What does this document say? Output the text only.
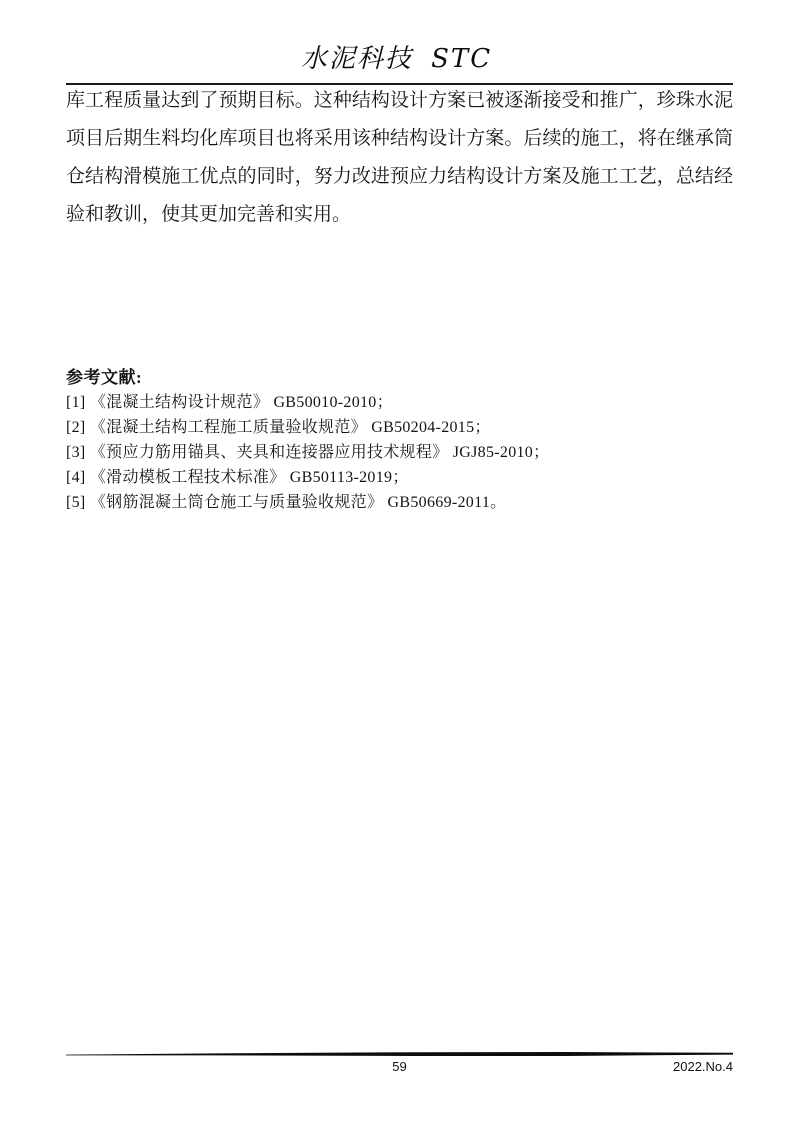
水泥科技 STC
库工程质量达到了预期目标。这种结构设计方案已被逐渐接受和推广，珍珠水泥
项目后期生料均化库项目也将采用该种结构设计方案。后续的施工，将在继承筒
仓结构滑模施工优点的同时，努力改进预应力结构设计方案及施工工艺，总结经
验和教训，使其更加完善和实用。
参考文献:
[1] 《混凝土结构设计规范》 GB50010-2010；
[2] 《混凝土结构工程施工质量验收规范》 GB50204-2015；
[3] 《预应力筋用锚具、夹具和连接器应用技术规程》 JGJ85-2010；
[4] 《滑动模板工程技术标准》 GB50113-2019；
[5] 《钢筋混凝土筒仓施工与质量验收规范》 GB50669-2011。
59	2022.No.4
